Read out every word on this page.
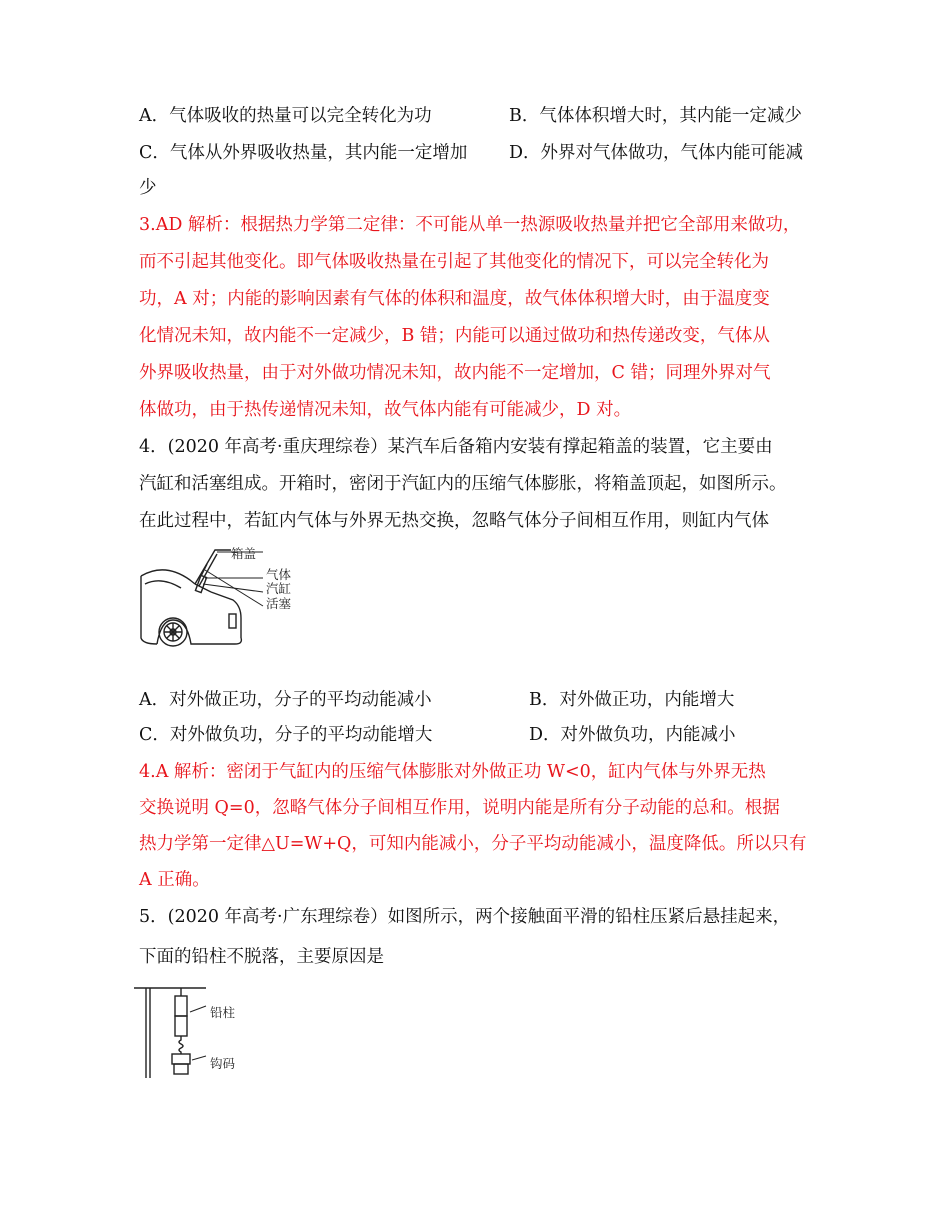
A．气体吸收的热量可以完全转化为功	B．气体体积增大时，其内能一定减少
C．气体从外界吸收热量，其内能一定增加 D．外界对气体做功，气体内能可能减
少
3.AD 解析：根据热力学第二定律：不可能从单一热源吸收热量并把它全部用来做功，
而不引起其他变化。即气体吸收热量在引起了其他变化的情况下，可以完全转化为
功，A 对；内能的影响因素有气体的体积和温度，故气体体积增大时，由于温度变
化情况未知，故内能不一定减少，B 错；内能可以通过做功和热传递改变，气体从
外界吸收热量，由于对外做功情况未知，故内能不一定增加，C 错；同理外界对气
体做功，由于热传递情况未知，故气体内能有可能减少，D 对。
4．(2020 年高考·重庆理综卷）某汽车后备箱内安装有撑起箱盖的装置，它主要由
汽缸和活塞组成。开箱时，密闭于汽缸内的压缩气体膨胀，将箱盖顶起，如图所示。
在此过程中，若缸内气体与外界无热交换，忽略气体分子间相互作用，则缸内气体
箱盖
气体
汽缸
活塞
A．对外做正功，分子的平均动能减小	B．对外做正功，内能增大
C．对外做负功，分子的平均动能增大	D．对外做负功，内能减小
4.A 解析：密闭于气缸内的压缩气体膨胀对外做正功 W<0，缸内气体与外界无热
交换说明 Q=0，忽略气体分子间相互作用，说明内能是所有分子动能的总和。根据
热力学第一定律△U=W+Q，可知内能减小，分子平均动能减小，温度降低。所以只有
A 正确。
5．(2020 年高考·广东理综卷）如图所示，两个接触面平滑的铅柱压紧后悬挂起来，
下面的铅柱不脱落，主要原因是
铅柱
钩码
